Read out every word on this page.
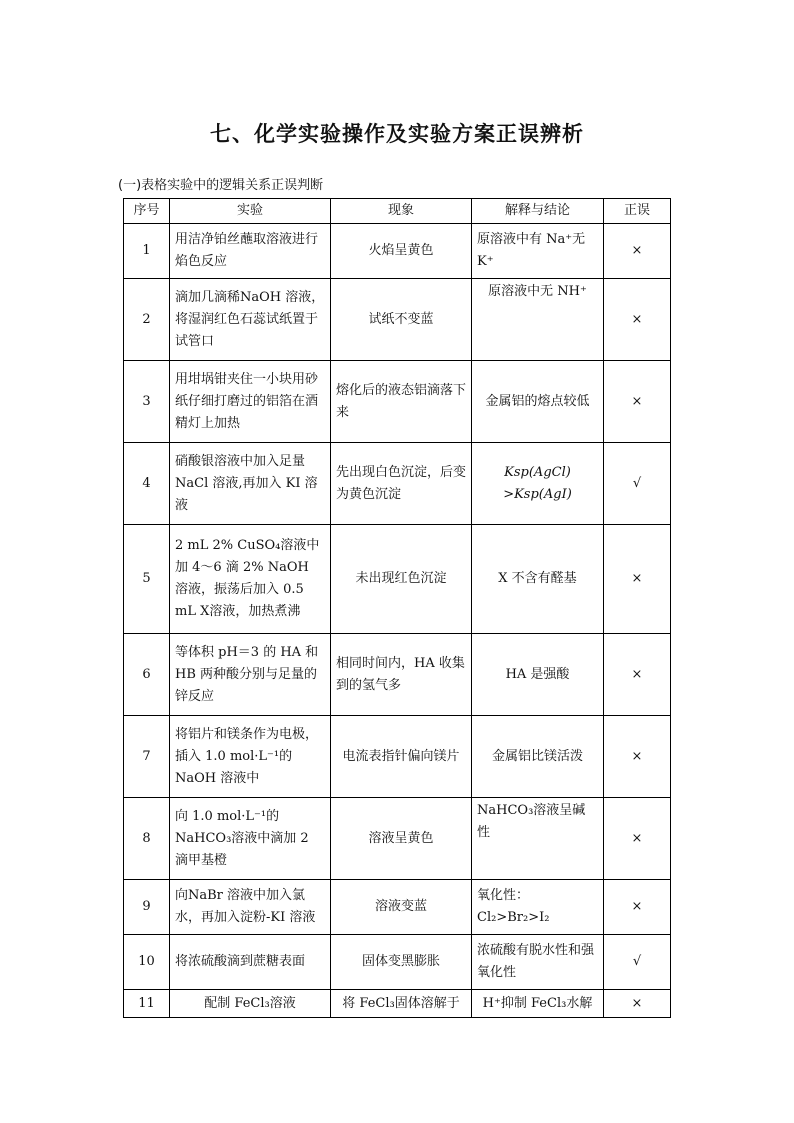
七、化学实验操作及实验方案正误辨析

(一)表格实验中的逻辑关系正误判断

序号	实验	现象	解释与结论	正误
1	用洁净铂丝蘸取溶液进行焰色反应	火焰呈黄色	原溶液中有 Na⁺无 K⁺	×
2	滴加几滴稀NaOH 溶液，将湿润红色石蕊试纸置于试管口	试纸不变蓝	原溶液中无 NH⁺	×
3	用坩埚钳夹住一小块用砂纸仔细打磨过的铝箔在酒精灯上加热	熔化后的液态铝滴落下来	金属铝的熔点较低	×
4	硝酸银溶液中加入足量NaCl 溶液,再加入 KI 溶液	先出现白色沉淀，后变为黄色沉淀	Ksp(AgCl) >Ksp(AgI)	√
5	2 mL 2% CuSO₄溶液中加 4～6 滴 2% NaOH 溶液，振荡后加入 0.5 mL X溶液，加热煮沸	未出现红色沉淀	X 不含有醛基	×
6	等体积 pH＝3 的 HA 和 HB 两种酸分别与足量的锌反应	相同时间内，HA 收集到的氢气多	HA 是强酸	×
7	将铝片和镁条作为电极，插入 1.0 mol·L⁻¹的NaOH 溶液中	电流表指针偏向镁片	金属铝比镁活泼	×
8	向 1.0 mol·L⁻¹的NaHCO₃溶液中滴加 2 滴甲基橙	溶液呈黄色	NaHCO₃溶液呈碱性	×
9	向NaBr 溶液中加入氯水，再加入淀粉-KI 溶液	溶液变蓝	氧化性：Cl₂>Br₂>I₂	×
10	将浓硫酸滴到蔗糖表面	固体变黑膨胀	浓硫酸有脱水性和强氧化性	√
11	配制 FeCl₃溶液	将 FeCl₃固体溶解于	H⁺抑制 FeCl₃水解	×
